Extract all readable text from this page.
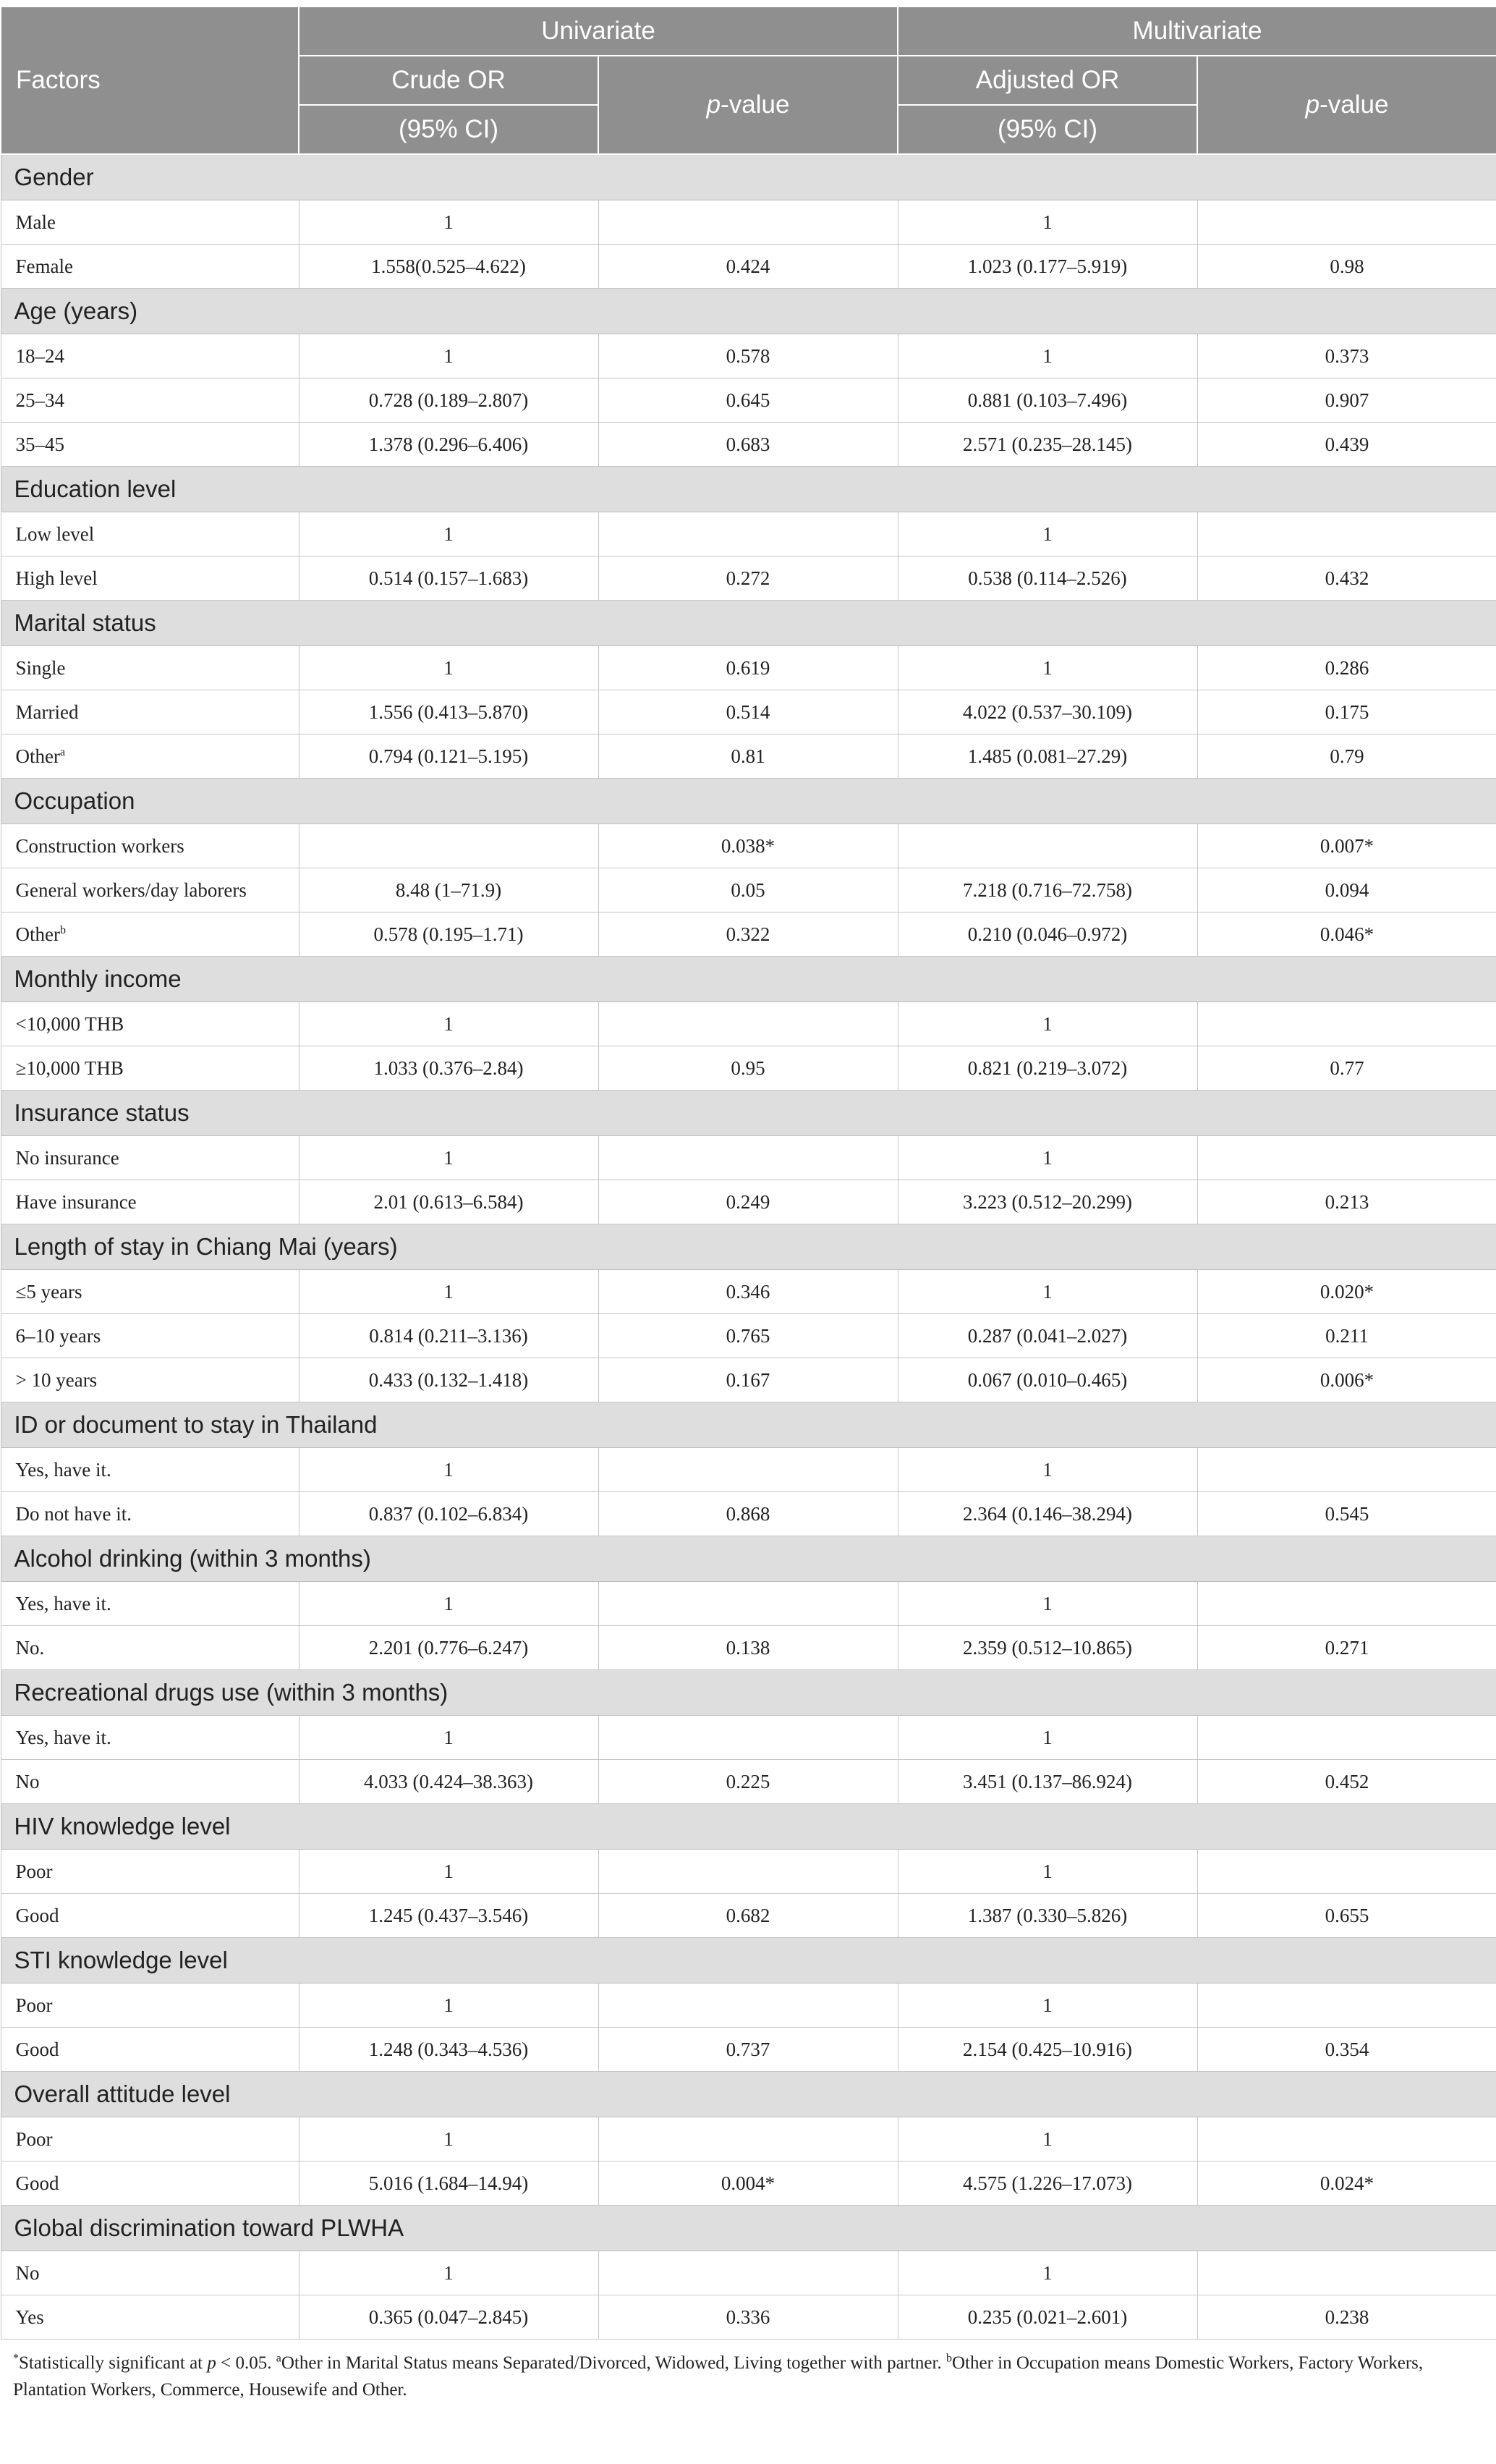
Factors	Univariate		Multivariate	
	Crude OR	p-value	Adjusted OR	p-value
	(95% CI)		(95% CI)	
Gender				
Male	1		1	
Female	1.558(0.525–4.622)	0.424	1.023 (0.177–5.919)	0.98
Age (years)				
18–24	1	0.578	1	0.373
25–34	0.728 (0.189–2.807)	0.645	0.881 (0.103–7.496)	0.907
35–45	1.378 (0.296–6.406)	0.683	2.571 (0.235–28.145)	0.439
Education level				
Low level	1		1	
High level	0.514 (0.157–1.683)	0.272	0.538 (0.114–2.526)	0.432
Marital status				
Single	1	0.619	1	0.286
Married	1.556 (0.413–5.870)	0.514	4.022 (0.537–30.109)	0.175
Other$^a$	0.794 (0.121–5.195)	0.81	1.485 (0.081–27.29)	0.79
Occupation				
Construction workers		0.038*		0.007*
General workers/day laborers	8.48 (1–71.9)	0.05	7.218 (0.716–72.758)	0.094
Other$^b$	0.578 (0.195–1.71)	0.322	0.210 (0.046–0.972)	0.046*
Monthly income				
<10,000 THB	1		1	
≥10,000 THB	1.033 (0.376–2.84)	0.95	0.821 (0.219–3.072)	0.77
Insurance status				
No insurance	1		1	
Have insurance	2.01 (0.613–6.584)	0.249	3.223 (0.512–20.299)	0.213
Length of stay in Chiang Mai (years)				
≤5 years	1	0.346	1	0.020*
6–10 years	0.814 (0.211–3.136)	0.765	0.287 (0.041–2.027)	0.211
> 10 years	0.433 (0.132–1.418)	0.167	0.067 (0.010–0.465)	0.006*
ID or document to stay in Thailand				
Yes, have it.	1		1	
Do not have it.	0.837 (0.102–6.834)	0.868	2.364 (0.146–38.294)	0.545
Alcohol drinking (within 3 months)				
Yes, have it.	1		1	
No.	2.201 (0.776–6.247)	0.138	2.359 (0.512–10.865)	0.271
Recreational drugs use (within 3 months)				
Yes, have it.	1		1	
No	4.033 (0.424–38.363)	0.225	3.451 (0.137–86.924)	0.452
HIV knowledge level				
Poor	1		1	
Good	1.245 (0.437–3.546)	0.682	1.387 (0.330–5.826)	0.655
STI knowledge level				
Poor	1		1	
Good	1.248 (0.343–4.536)	0.737	2.154 (0.425–10.916)	0.354
Overall attitude level				
Poor	1		1	
Good	5.016 (1.684–14.94)	0.004*	4.575 (1.226–17.073)	0.024*
Global discrimination toward PLWHA				
No	1		1	
Yes	0.365 (0.047–2.845)	0.336	0.235 (0.021–2.601)	0.238
*Statistically significant at p < 0.05. $^a$Other in Marital Status means Separated/Divorced, Widowed, Living together with partner. $^b$Other in Occupation means Domestic Workers, Factory Workers, Plantation Workers, Commerce, Housewife and Other.
